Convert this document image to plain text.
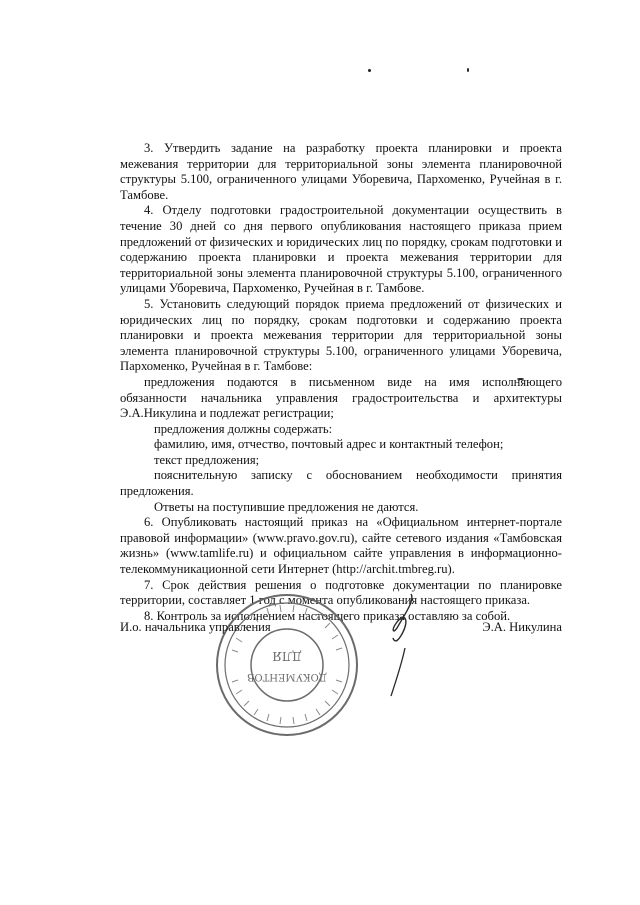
3. Утвердить задание на разработку проекта планировки и проекта межевания территории для территориальной зоны элемента планировочной структуры 5.100, ограниченного улицами Уборевича, Пархоменко, Ручейная в г. Тамбове.

4. Отделу подготовки градостроительной документации осуществить в течение 30 дней со дня первого опубликования настоящего приказа прием предложений от физических и юридических лиц по порядку, срокам подготовки и содержанию проекта планировки и проекта межевания территории для территориальной зоны элемента планировочной структуры 5.100, ограниченного улицами Уборевича, Пархоменко, Ручейная в г. Тамбове.

5. Установить следующий порядок приема предложений от физических и юридических лиц по порядку, срокам подготовки и содержанию проекта планировки и проекта межевания территории для территориальной зоны элемента планировочной структуры 5.100, ограниченного улицами Уборевича, Пархоменко, Ручейная в г. Тамбове:

предложения подаются в письменном виде на имя исполняющего обязанности начальника управления градостроительства и архитектуры Э.А.Никулина и подлежат регистрации;

предложения должны содержать:

фамилию, имя, отчество, почтовый адрес и контактный телефон;

текст предложения;

пояснительную записку с обоснованием необходимости принятия предложения.

Ответы на поступившие предложения не даются.

6. Опубликовать настоящий приказ на «Официальном интернет-портале правовой информации» (www.pravo.gov.ru), сайте сетевого издания «Тамбовская жизнь» (www.tamlife.ru) и официальном сайте управления в информационно-телекоммуникационной сети Интернет (http://archit.tmbreg.ru).

7. Срок действия решения о подготовке документации по планировке территории, составляет 1 год с момента опубликования настоящего приказа.

8. Контроль за исполнением настоящего приказа оставляю за собой.

ДЛЯ
ДОКУМЕНТОВ
И.о. начальника управления	Э.А. Никулина
